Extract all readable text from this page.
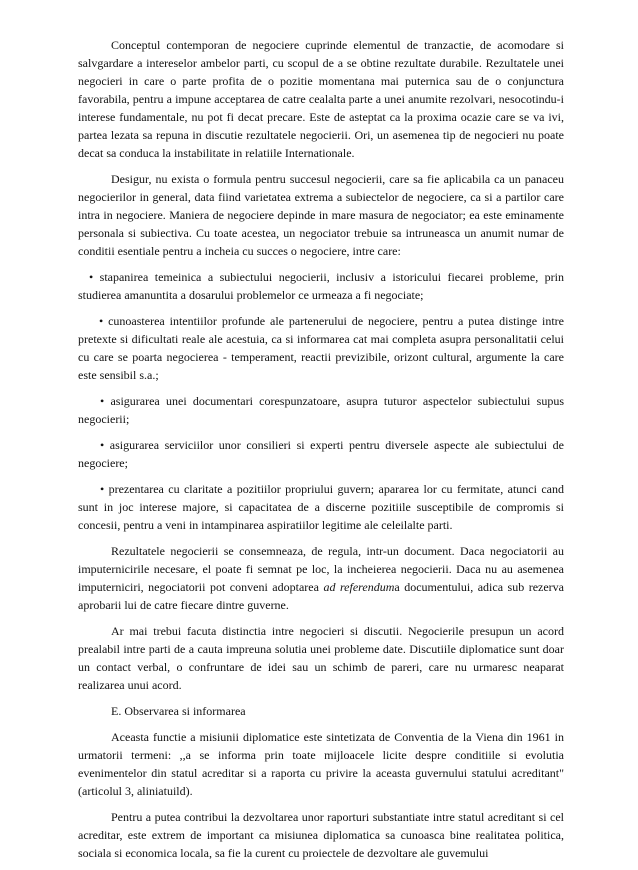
Conceptul contemporan de negociere cuprinde elementul de tranzactie, de acomodare si salvgardare a intereselor ambelor parti, cu scopul de a se obtine rezultate durabile. Rezultatele unei negocieri in care o parte profita de o pozitie momentana mai puternica sau de o conjunctura favorabila, pentru a impune acceptarea de catre cealalta parte a unei anumite rezolvari, nesocotindu-i interese fundamentale, nu pot fi decat precare. Este de asteptat ca la proxima ocazie care se va ivi, partea lezata sa repuna in discutie rezultatele negocierii. Ori, un asemenea tip de negocieri nu poate decat sa conduca la instabilitate in relatiile Internationale.

Desigur, nu exista o formula pentru succesul negocierii, care sa fie aplicabila ca un panaceu negocierilor in general, data fiind varietatea extrema a subiectelor de negociere, ca si a partilor care intra in negociere. Maniera de negociere depinde in mare masura de negociator; ea este eminamente personala si subiectiva. Cu toate acestea, un negociator trebuie sa intruneasca un anumit numar de conditii esentiale pentru a incheia cu succes o negociere, intre care:

• stapanirea temeinica a subiectului negocierii, inclusiv a istoricului fiecarei probleme, prin studierea amanuntita a dosarului problemelor ce urmeaza a fi negociate;

• cunoasterea intentiilor profunde ale partenerului de negociere, pentru a putea distinge intre pretexte si dificultati reale ale acestuia, ca si informarea cat mai completa asupra personalitatii celui cu care se poarta negocierea - temperament, reactii previzibile, orizont cultural, argumente la care este sensibil s.a.;

• asigurarea unei documentari corespunzatoare, asupra tuturor aspectelor subiectului supus negocierii;

• asigurarea serviciilor unor consilieri si experti pentru diversele aspecte ale subiectului de negociere;

• prezentarea cu claritate a pozitiilor propriului guvern; apararea lor cu fermitate, atunci cand sunt in joc interese majore, si capacitatea de a discerne pozitiile susceptibile de compromis si concesii, pentru a veni in intampinarea aspiratiilor legitime ale celeilalte parti.

Rezultatele negocierii se consemneaza, de regula, intr-un document. Daca negociatorii au imputernicirile necesare, el poate fi semnat pe loc, la incheierea negocierii. Daca nu au asemenea imputerniciri, negociatorii pot conveni adoptarea ad referenduma documentului, adica sub rezerva aprobarii lui de catre fiecare dintre guverne.

Ar mai trebui facuta distinctia intre negocieri si discutii. Negocierile presupun un acord prealabil intre parti de a cauta impreuna solutia unei probleme date. Discutiile diplomatice sunt doar un contact verbal, o confruntare de idei sau un schimb de pareri, care nu urmaresc neaparat realizarea unui acord.

E. Observarea si informarea

Aceasta functie a misiunii diplomatice este sintetizata de Conventia de la Viena din 1961 in urmatorii termeni: ,,a se informa prin toate mijloacele licite despre conditiile si evolutia evenimentelor din statul acreditar si a raporta cu privire la aceasta guvernului statului acreditant" (articolul 3, aliniatuild).

Pentru a putea contribui la dezvoltarea unor raporturi substantiate intre statul acreditant si cel acreditar, este extrem de important ca misiunea diplomatica sa cunoasca bine realitatea politica, sociala si economica locala, sa fie la curent cu proiectele de dezvoltare ale guvemului
